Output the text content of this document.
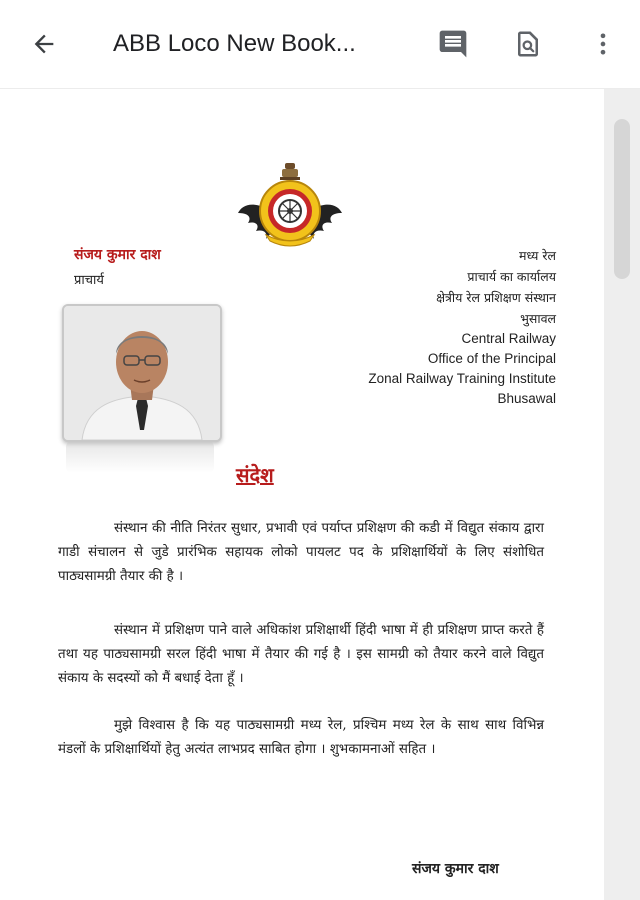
ABB Loco New Book...
संजय कुमार दाश
प्राचार्य
मध्य रेल
प्राचार्य का कार्यालय
क्षेत्रीय रेल प्रशिक्षण संस्थान
भुसावल
Central Railway
Office of the Principal
Zonal Railway Training Institute
Bhusawal
संदेश

संस्थान की नीति निरंतर सुधार, प्रभावी एवं पर्याप्त प्रशिक्षण की कडी में विद्युत संकाय द्वारा गाडी संचालन से जुडे प्रारंभिक सहायक लोको पायलट पद के प्रशिक्षार्थियों के लिए संशोधित पाठ्यसामग्री तैयार की है ।

संस्थान में प्रशिक्षण पाने वाले अधिकांश प्रशिक्षार्थी हिंदी भाषा में ही प्रशिक्षण प्राप्त करते हैं तथा यह पाठ्यसामग्री सरल हिंदी भाषा में तैयार की गई है । इस सामग्री को तैयार करने वाले विद्युत संकाय के सदस्यों को मैं बधाई देता हूँ ।

मुझे विश्वास है कि यह पाठ्यसामग्री मध्य रेल, प्रश्चिम मध्य रेल के साथ साथ विभिन्न मंडलों के प्रशिक्षार्थियों हेतु अत्यंत लाभप्रद साबित होगा । शुभकामनाओं सहित ।

संजय कुमार दाश
